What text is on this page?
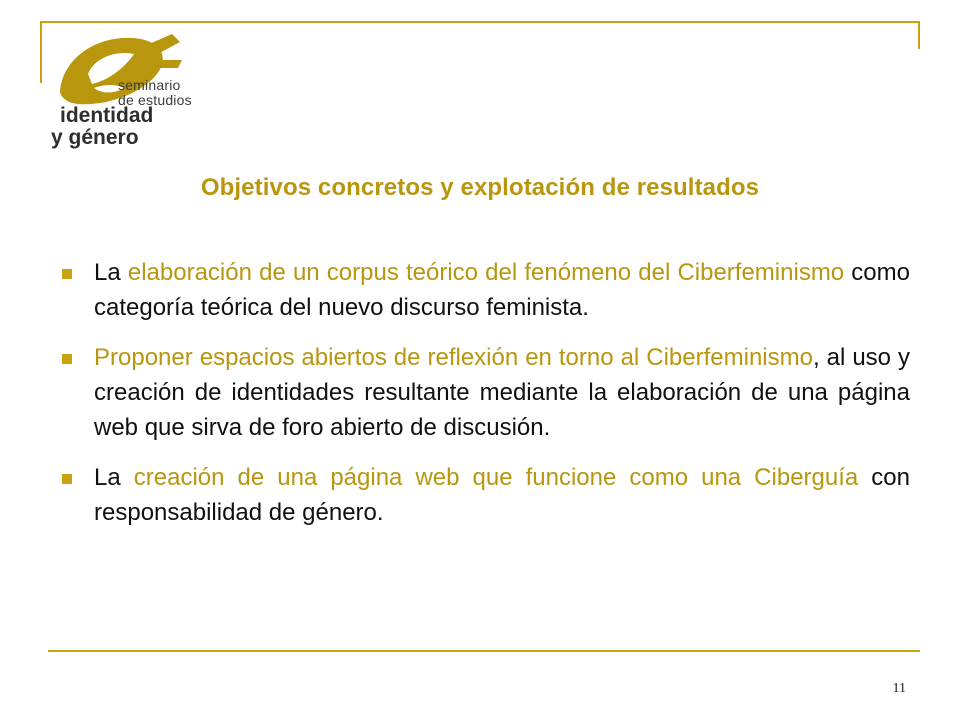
seminario
de estudios
identidad
y género
Objetivos concretos y explotación de resultados
La elaboración de un corpus teórico del fenómeno del Ciberfeminismo como categoría teórica del nuevo discurso feminista.
Proponer espacios abiertos de reflexión en torno al Ciberfeminismo, al uso y creación de identidades resultante mediante la elaboración de una página web que sirva de foro abierto de discusión.
La creación de una página web que funcione como una Ciberguía con responsabilidad de género.
11
